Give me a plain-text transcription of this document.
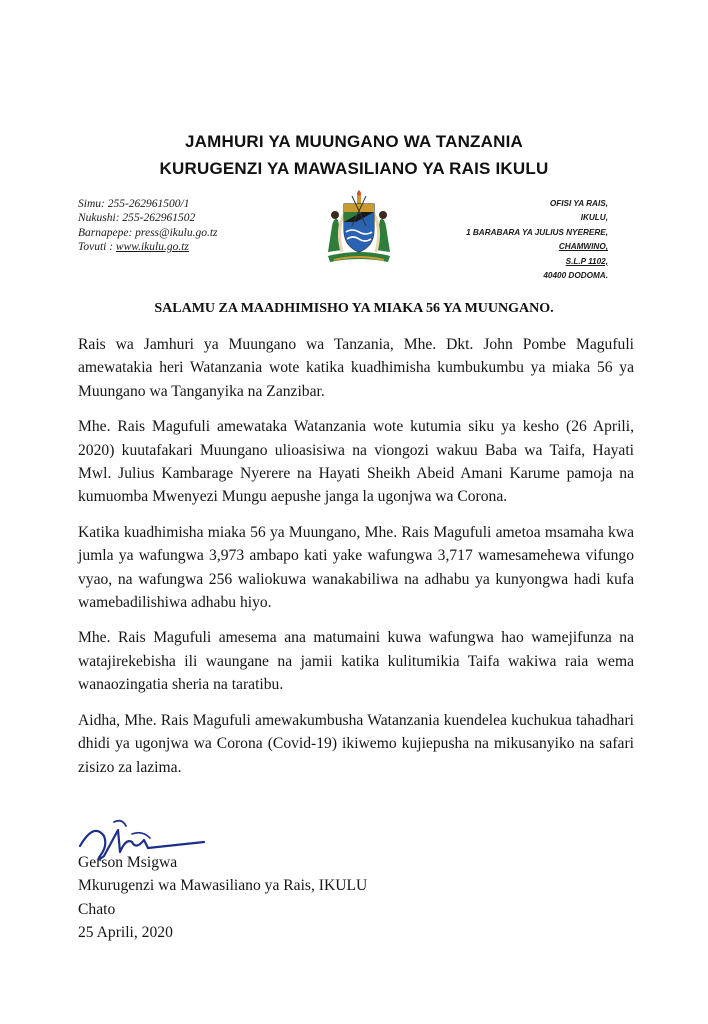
JAMHURI YA MUUNGANO WA TANZANIA
KURUGENZI YA MAWASILIANO YA RAIS IKULU
Simu: 255-262961500/1
Nukushi: 255-262961502
Barnapepe: press@ikulu.go.tz
Tovuti : www.ikulu.go.tz
OFISI YA RAIS,
IKULU,
1 BARABARA YA JULIUS NYERERE,
CHAMWINO,
S.L.P 1102,
40400 DODOMA.
SALAMU ZA MAADHIMISHO YA MIAKA 56 YA MUUNGANO.

Rais wa Jamhuri ya Muungano wa Tanzania, Mhe. Dkt. John Pombe Magufuli amewatakia heri Watanzania wote katika kuadhimisha kumbukumbu ya miaka 56 ya Muungano wa Tanganyika na Zanzibar.

Mhe. Rais Magufuli amewataka Watanzania wote kutumia siku ya kesho (26 Aprili, 2020) kuutafakari Muungano ulioasisiwa na viongozi wakuu Baba wa Taifa, Hayati Mwl. Julius Kambarage Nyerere na Hayati Sheikh Abeid Amani Karume pamoja na kumuomba Mwenyezi Mungu aepushe janga la ugonjwa wa Corona.

Katika kuadhimisha miaka 56 ya Muungano, Mhe. Rais Magufuli ametoa msamaha kwa jumla ya wafungwa 3,973 ambapo kati yake wafungwa 3,717 wamesamehewa vifungo vyao, na wafungwa 256 waliokuwa wanakabiliwa na adhabu ya kunyongwa hadi kufa wamebadilishiwa adhabu hiyo.

Mhe. Rais Magufuli amesema ana matumaini kuwa wafungwa hao wamejifunza na watajirekebisha ili waungane na jamii katika kulitumikia Taifa wakiwa raia wema wanaozingatia sheria na taratibu.

Aidha, Mhe. Rais Magufuli amewakumbusha Watanzania kuendelea kuchukua tahadhari dhidi ya ugonjwa wa Corona (Covid-19) ikiwemo kujiepusha na mikusanyiko na safari zisizo za lazima.

Gerson Msigwa
Mkurugenzi wa Mawasiliano ya Rais, IKULU
Chato
25 Aprili, 2020
